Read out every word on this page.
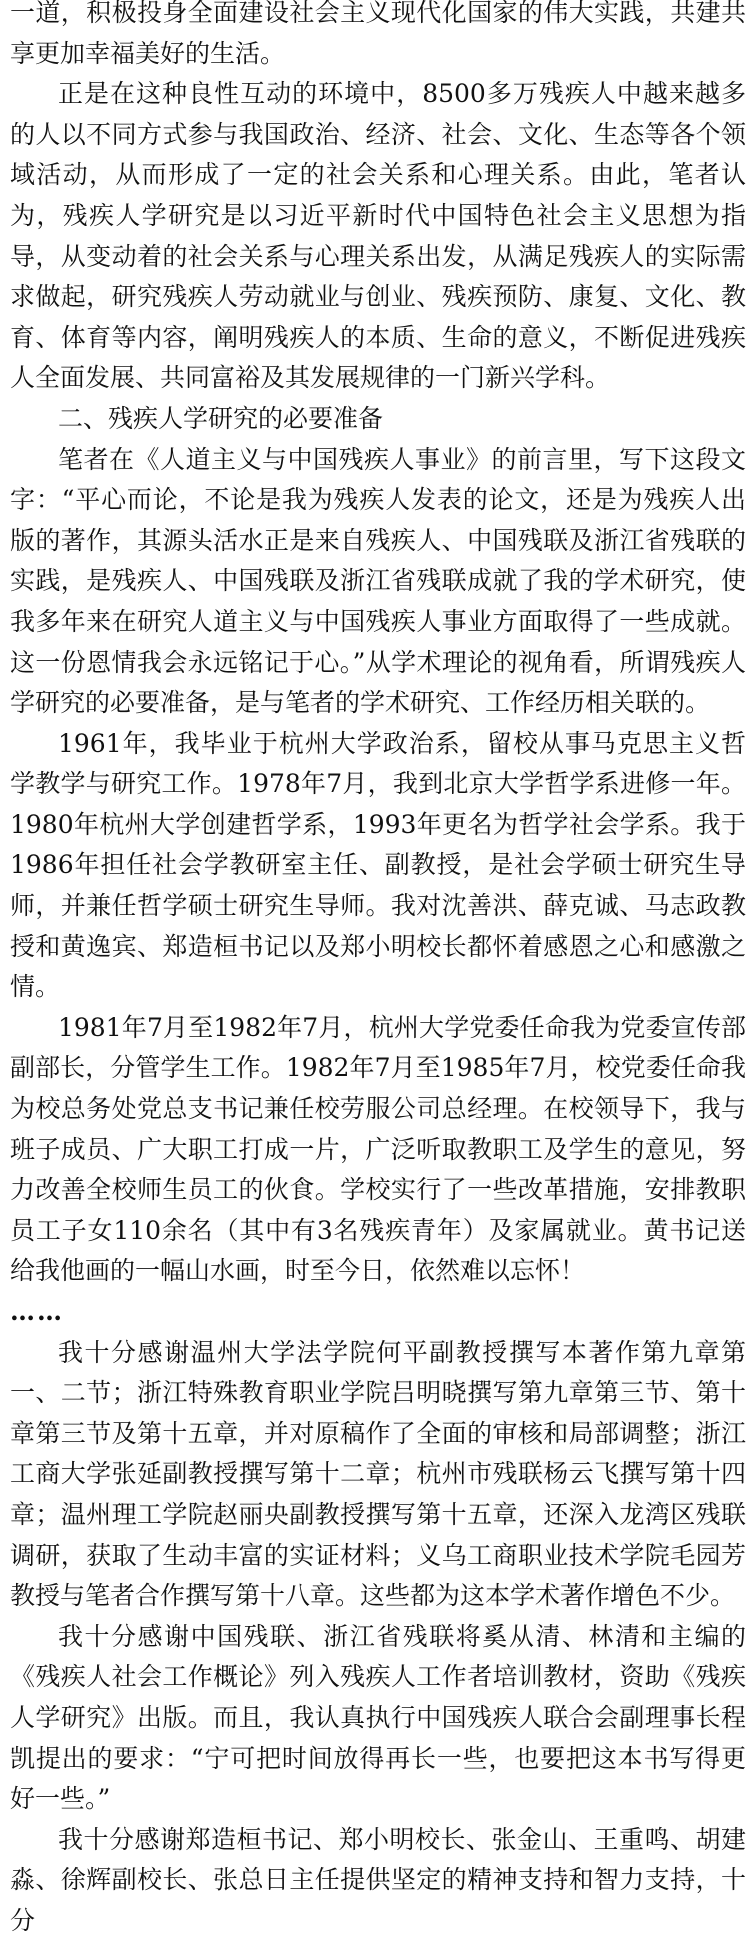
一道，积极投身全面建设社会主义现代化国家的伟大实践，共建共享更加幸福美好的生活。

正是在这种良性互动的环境中，8500多万残疾人中越来越多的人以不同方式参与我国政治、经济、社会、文化、生态等各个领域活动，从而形成了一定的社会关系和心理关系。由此，笔者认为，残疾人学研究是以习近平新时代中国特色社会主义思想为指导，从变动着的社会关系与心理关系出发，从满足残疾人的实际需求做起，研究残疾人劳动就业与创业、残疾预防、康复、文化、教育、体育等内容，阐明残疾人的本质、生命的意义，不断促进残疾人全面发展、共同富裕及其发展规律的一门新兴学科。

二、残疾人学研究的必要准备

笔者在《人道主义与中国残疾人事业》的前言里，写下这段文字：“平心而论，不论是我为残疾人发表的论文，还是为残疾人出版的著作，其源头活水正是来自残疾人、中国残联及浙江省残联的实践，是残疾人、中国残联及浙江省残联成就了我的学术研究，使我多年来在研究人道主义与中国残疾人事业方面取得了一些成就。这一份恩情我会永远铭记于心。”从学术理论的视角看，所谓残疾人学研究的必要准备，是与笔者的学术研究、工作经历相关联的。

1961年，我毕业于杭州大学政治系，留校从事马克思主义哲学教学与研究工作。1978年7月，我到北京大学哲学系进修一年。1980年杭州大学创建哲学系，1993年更名为哲学社会学系。我于1986年担任社会学教研室主任、副教授，是社会学硕士研究生导师，并兼任哲学硕士研究生导师。我对沈善洪、薛克诚、马志政教授和黄逸宾、郑造桓书记以及郑小明校长都怀着感恩之心和感激之情。

1981年7月至1982年7月，杭州大学党委任命我为党委宣传部副部长，分管学生工作。1982年7月至1985年7月，校党委任命我为校总务处党总支书记兼任校劳服公司总经理。在校领导下，我与班子成员、广大职工打成一片，广泛听取教职工及学生的意见，努力改善全校师生员工的伙食。学校实行了一些改革措施，安排教职员工子女110余名（其中有3名残疾青年）及家属就业。黄书记送给我他画的一幅山水画，时至今日，依然难以忘怀！

……

我十分感谢温州大学法学院何平副教授撰写本著作第九章第一、二节；浙江特殊教育职业学院吕明晓撰写第九章第三节、第十章第三节及第十五章，并对原稿作了全面的审核和局部调整；浙江工商大学张延副教授撰写第十二章；杭州市残联杨云飞撰写第十四章；温州理工学院赵丽央副教授撰写第十五章，还深入龙湾区残联调研，获取了生动丰富的实证材料；义乌工商职业技术学院毛园芳教授与笔者合作撰写第十八章。这些都为这本学术著作增色不少。

我十分感谢中国残联、浙江省残联将奚从清、林清和主编的《残疾人社会工作概论》列入残疾人工作者培训教材，资助《残疾人学研究》出版。而且，我认真执行中国残疾人联合会副理事长程凯提出的要求：“宁可把时间放得再长一些，也要把这本书写得更好一些。”

我十分感谢郑造桓书记、郑小明校长、张金山、王重鸣、胡建淼、徐辉副校长、张总日主任提供坚定的精神支持和智力支持，十分
